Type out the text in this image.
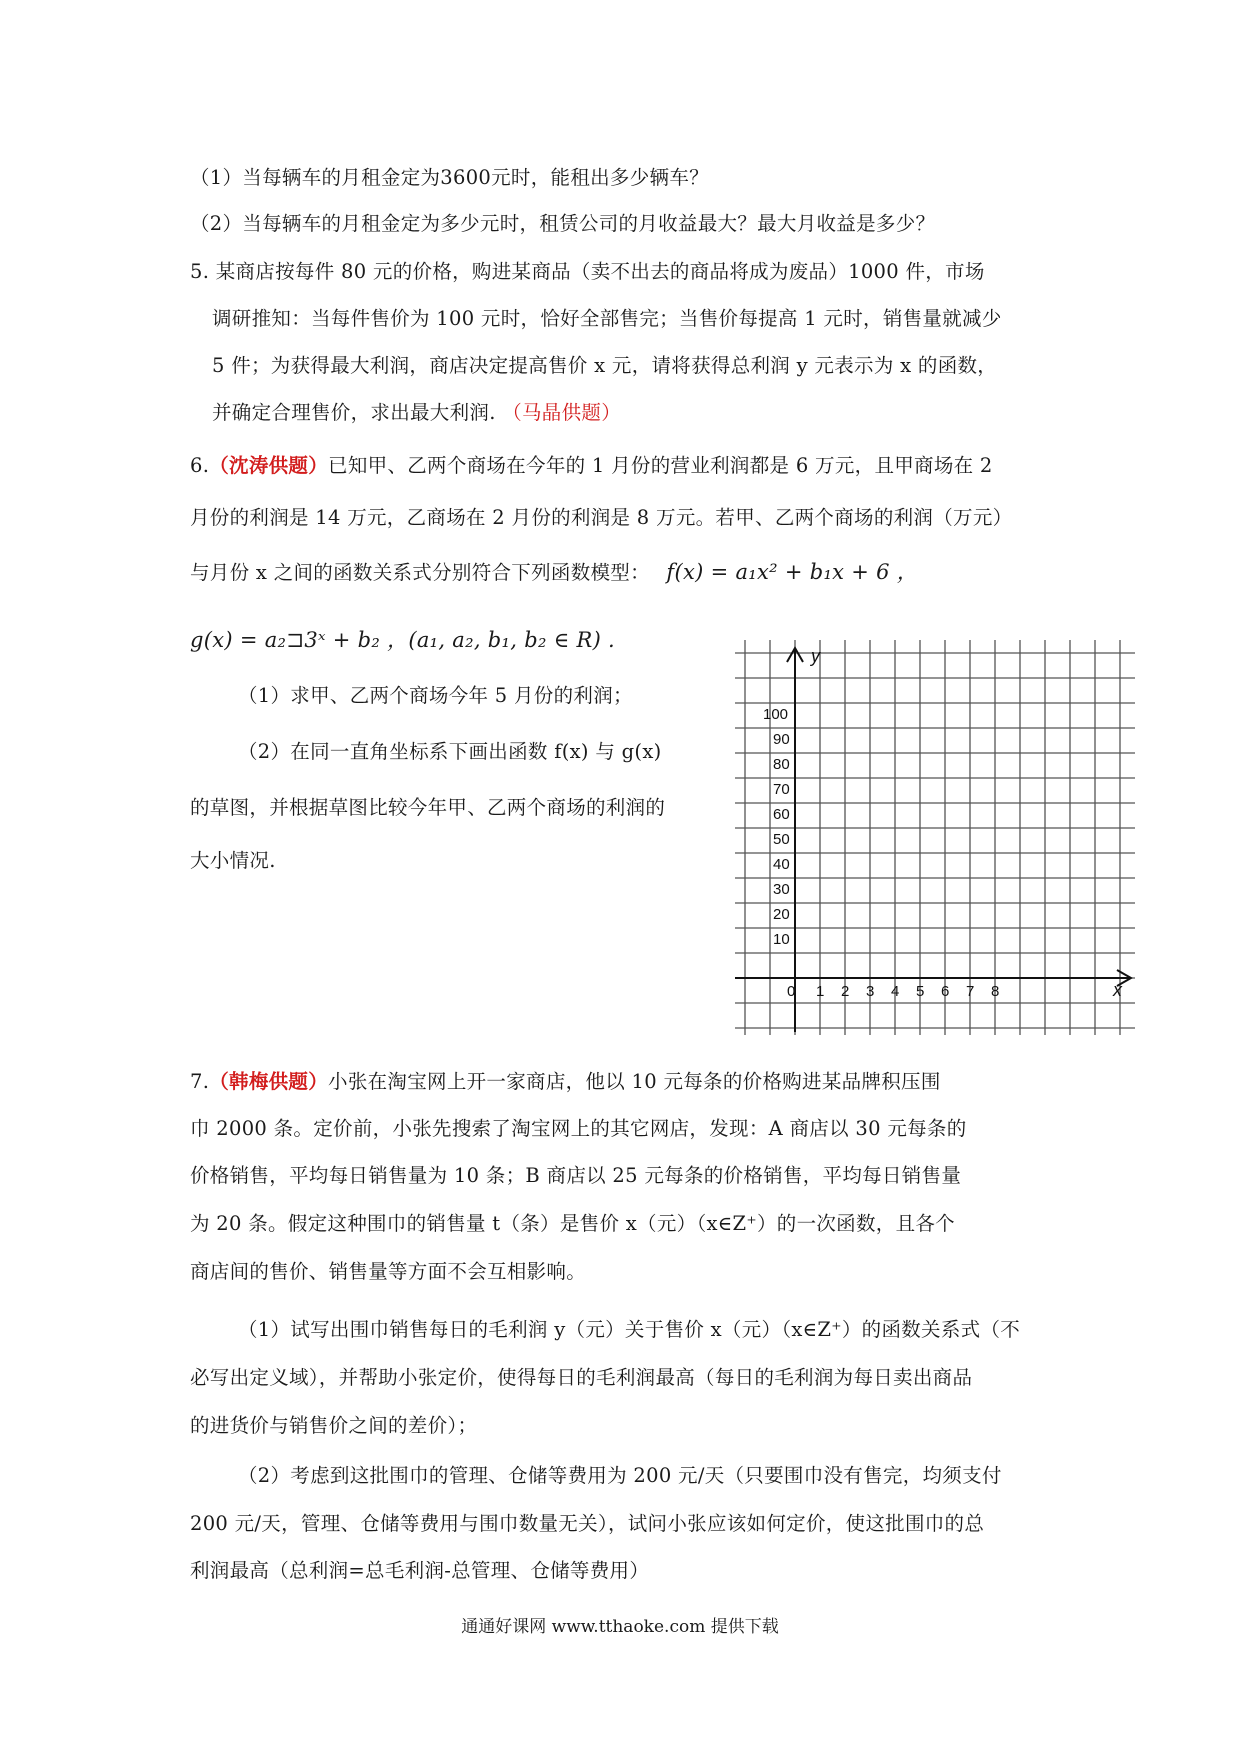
（1）当每辆车的月租金定为3600元时，能租出多少辆车？
（2）当每辆车的月租金定为多少元时，租赁公司的月收益最大？最大月收益是多少？
5. 某商店按每件 80 元的价格，购进某商品（卖不出去的商品将成为废品）1000 件，市场
调研推知：当每件售价为 100 元时，恰好全部售完；当售价每提高 1 元时，销售量就减少
5 件；为获得最大利润，商店决定提高售价 x 元，请将获得总利润 y 元表示为 x 的函数，
并确定合理售价，求出最大利润. （马晶供题）
6.（沈涛供题）已知甲、乙两个商场在今年的 1 月份的营业利润都是 6 万元，且甲商场在 2
月份的利润是 14 万元，乙商场在 2 月份的利润是 8 万元。若甲、乙两个商场的利润（万元）
与月份 x 之间的函数关系式分别符合下列函数模型： f(x) = a₁x² + b₁x + 6 ，
g(x) = a₂⊐3ˣ + b₂ ，(a₁, a₂, b₁, b₂ ∈ R) .
（1）求甲、乙两个商场今年 5 月份的利润；
（2）在同一直角坐标系下画出函数 f(x) 与 g(x)
的草图，并根据草图比较今年甲、乙两个商场的利润的
大小情况.
y
x
0
100
90
80
70
60
50
40
30
20
10
1 2 3 4 5 6 7 8
7.（韩梅供题）小张在淘宝网上开一家商店，他以 10 元每条的价格购进某品牌积压围
巾 2000 条。定价前，小张先搜索了淘宝网上的其它网店，发现：A 商店以 30 元每条的
价格销售，平均每日销售量为 10 条；B 商店以 25 元每条的价格销售，平均每日销售量
为 20 条。假定这种围巾的销售量 t（条）是售价 x（元）（x∈Z⁺）的一次函数，且各个
商店间的售价、销售量等方面不会互相影响。
（1）试写出围巾销售每日的毛利润 y（元）关于售价 x（元）（x∈Z⁺）的函数关系式（不
必写出定义域），并帮助小张定价，使得每日的毛利润最高（每日的毛利润为每日卖出商品
的进货价与销售价之间的差价）；
（2）考虑到这批围巾的管理、仓储等费用为 200 元/天（只要围巾没有售完，均须支付
200 元/天，管理、仓储等费用与围巾数量无关），试问小张应该如何定价，使这批围巾的总
利润最高（总利润=总毛利润-总管理、仓储等费用）
通通好课网 www.tthaoke.com 提供下载
